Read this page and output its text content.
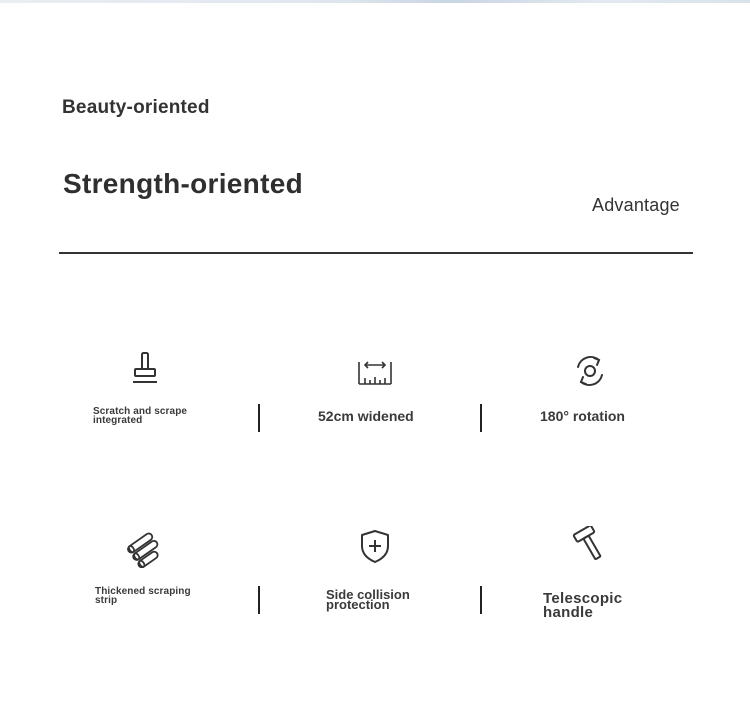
Beauty-oriented
Strength-oriented
Advantage
Scratch and scrape
integrated	52cm widened	180° rotation
Thickened scraping
strip	Side collision
protection	Telescopic
handle
